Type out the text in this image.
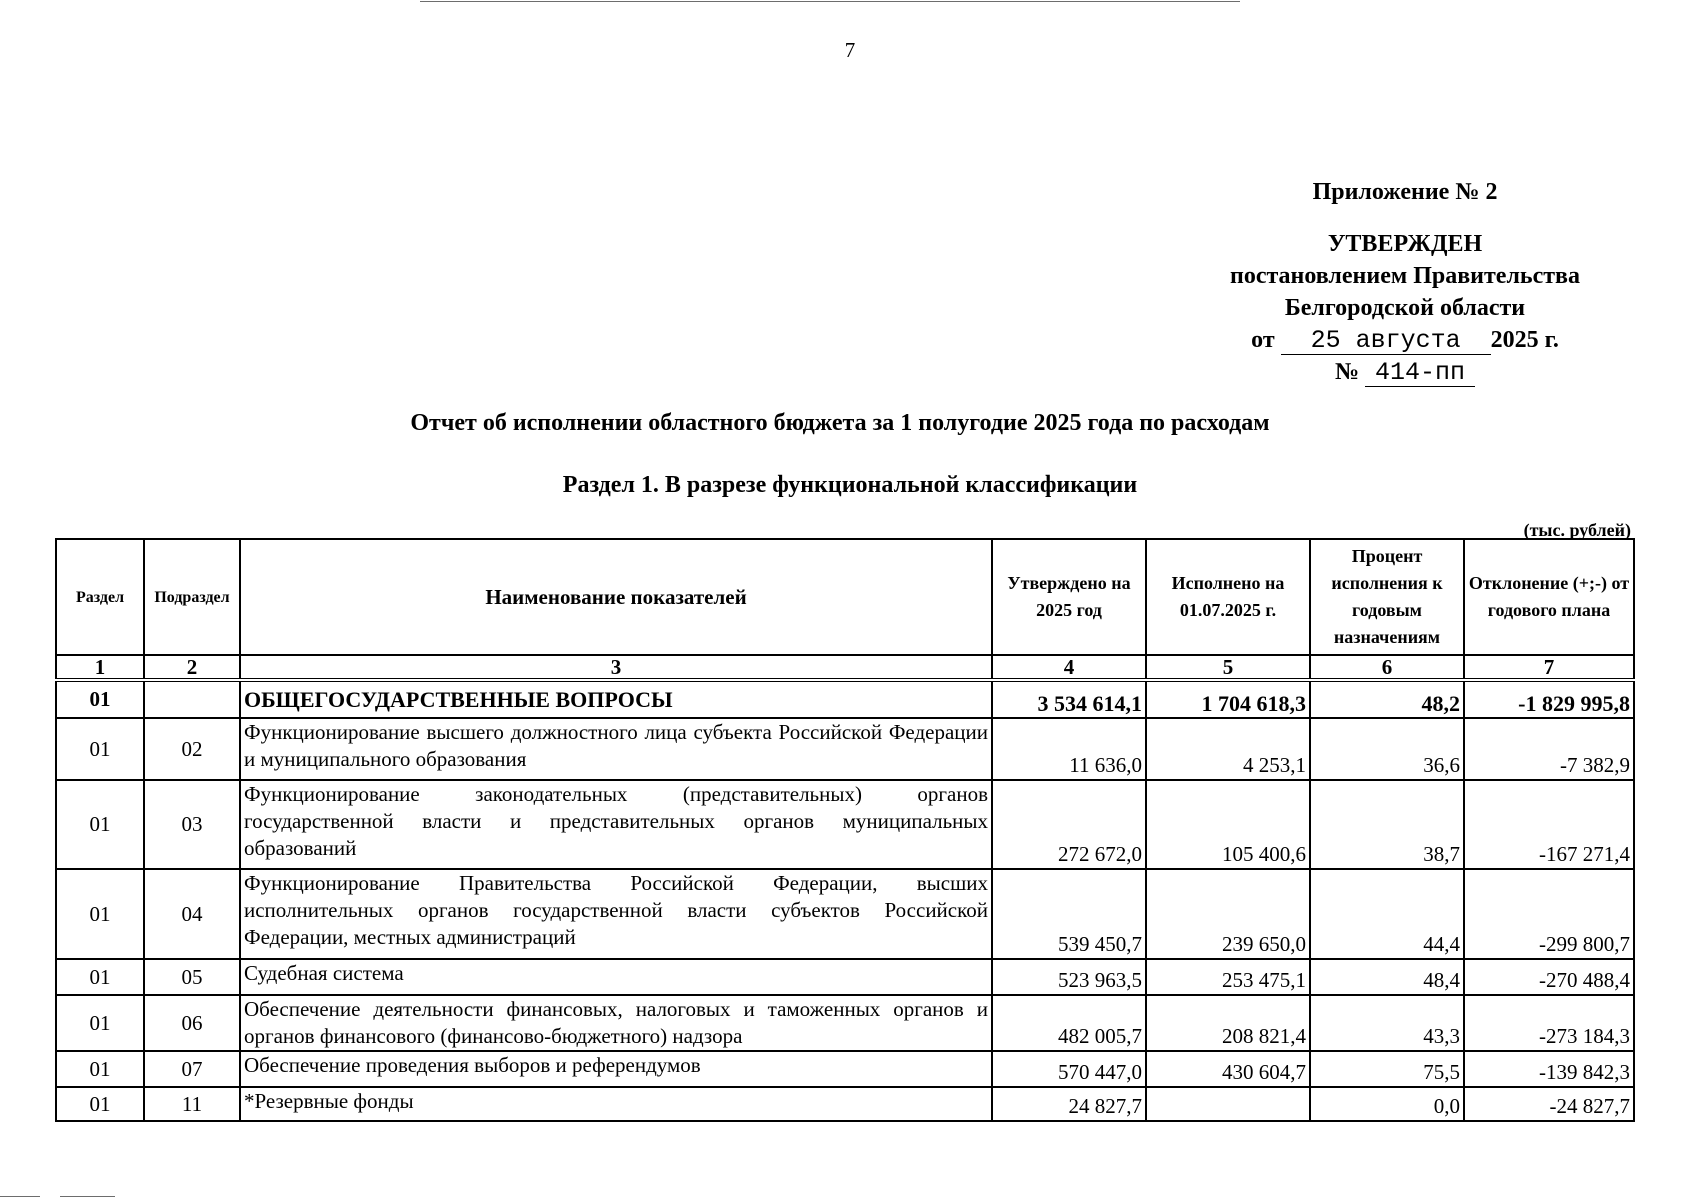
7
Приложение № 2
УТВЕРЖДЕН
постановлением Правительства
Белгородской области
от 25 августа 2025 г.
№ 414-пп
Отчет об исполнении областного бюджета за 1 полугодие 2025 года по расходам
Раздел 1. В разрезе функциональной классификации
(тыс. рублей)
Раздел	Подраздел	Наименование показателей	Утверждено на 2025 год	Исполнено на 01.07.2025 г.	Процент исполнения к годовым назначениям	Отклонение (+;-) от годового плана
1	2	3	4	5	6	7
01		ОБЩЕГОСУДАРСТВЕННЫЕ ВОПРОСЫ	3 534 614,1	1 704 618,3	48,2	-1 829 995,8
01	02	Функционирование высшего должностного лица субъекта Российской Федерации и муниципального образования	11 636,0	4 253,1	36,6	-7 382,9
01	03	Функционирование законодательных (представительных) органов государственной власти и представительных органов муниципальных образований	272 672,0	105 400,6	38,7	-167 271,4
01	04	Функционирование Правительства Российской Федерации, высших исполнительных органов государственной власти субъектов Российской Федерации, местных администраций	539 450,7	239 650,0	44,4	-299 800,7
01	05	Судебная система	523 963,5	253 475,1	48,4	-270 488,4
01	06	Обеспечение деятельности финансовых, налоговых и таможенных органов и органов финансового (финансово-бюджетного) надзора	482 005,7	208 821,4	43,3	-273 184,3
01	07	Обеспечение проведения выборов и референдумов	570 447,0	430 604,7	75,5	-139 842,3
01	11	*Резервные фонды	24 827,7		0,0	-24 827,7
